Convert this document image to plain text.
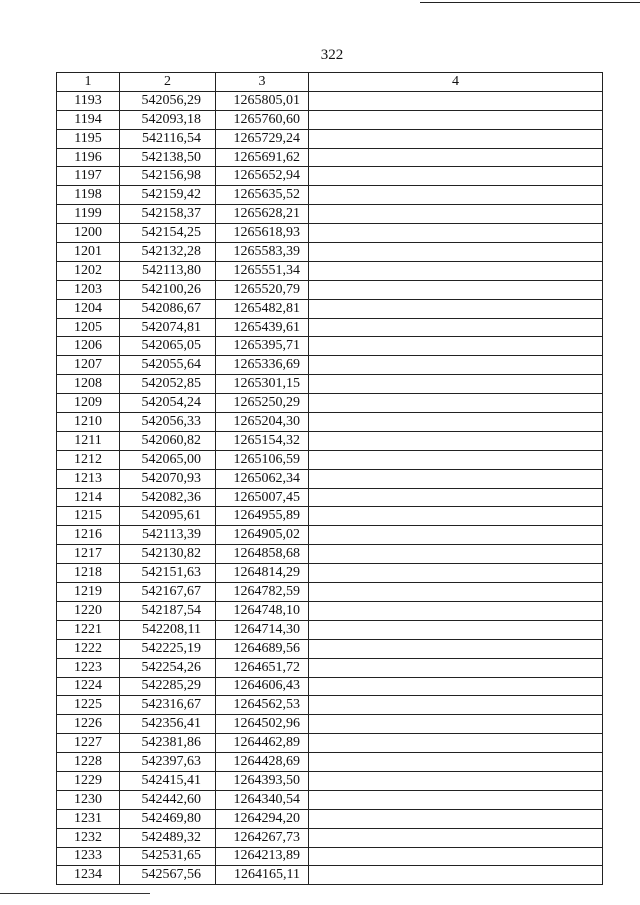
322
1	2	3	4
1193	542056,29	1265805,01	
1194	542093,18	1265760,60	
1195	542116,54	1265729,24	
1196	542138,50	1265691,62	
1197	542156,98	1265652,94	
1198	542159,42	1265635,52	
1199	542158,37	1265628,21	
1200	542154,25	1265618,93	
1201	542132,28	1265583,39	
1202	542113,80	1265551,34	
1203	542100,26	1265520,79	
1204	542086,67	1265482,81	
1205	542074,81	1265439,61	
1206	542065,05	1265395,71	
1207	542055,64	1265336,69	
1208	542052,85	1265301,15	
1209	542054,24	1265250,29	
1210	542056,33	1265204,30	
1211	542060,82	1265154,32	
1212	542065,00	1265106,59	
1213	542070,93	1265062,34	
1214	542082,36	1265007,45	
1215	542095,61	1264955,89	
1216	542113,39	1264905,02	
1217	542130,82	1264858,68	
1218	542151,63	1264814,29	
1219	542167,67	1264782,59	
1220	542187,54	1264748,10	
1221	542208,11	1264714,30	
1222	542225,19	1264689,56	
1223	542254,26	1264651,72	
1224	542285,29	1264606,43	
1225	542316,67	1264562,53	
1226	542356,41	1264502,96	
1227	542381,86	1264462,89	
1228	542397,63	1264428,69	
1229	542415,41	1264393,50	
1230	542442,60	1264340,54	
1231	542469,80	1264294,20	
1232	542489,32	1264267,73	
1233	542531,65	1264213,89	
1234	542567,56	1264165,11	
